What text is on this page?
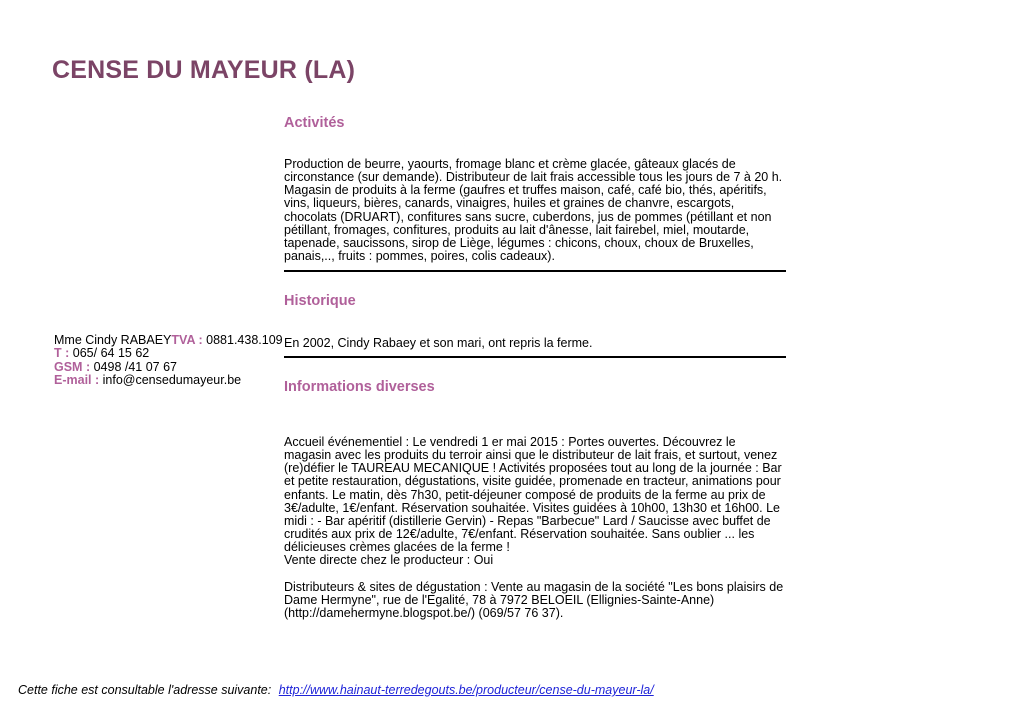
CENSE DU MAYEUR (LA)
Mme Cindy RABAEYTVA : 0881.438.109
T : 065/ 64 15 62
GSM : 0498 /41 07 67
E-mail : info@censedumayeur.be
Activités

Production de beurre, yaourts, fromage blanc et crème glacée, gâteaux glacés de circonstance (sur demande). Distributeur de lait frais accessible tous les jours de 7 à 20 h. Magasin de produits à la ferme (gaufres et truffes maison, café, café bio, thés, apéritifs, vins, liqueurs, bières, canards, vinaigres, huiles et graines de chanvre, escargots, chocolats (DRUART), confitures sans sucre, cuberdons, jus de pommes (pétillant et non pétillant, fromages, confitures, produits au lait d'ânesse, lait fairebel, miel, moutarde, tapenade, saucissons, sirop de Liège, légumes : chicons, choux, choux de Bruxelles, panais,.., fruits : pommes, poires, colis cadeaux).

Historique

En 2002, Cindy Rabaey et son mari, ont repris la ferme.

Informations diverses

Accueil événementiel : Le vendredi 1 er mai 2015 : Portes ouvertes. Découvrez le magasin avec les produits du terroir ainsi que le distributeur de lait frais, et surtout, venez (re)défier le TAUREAU MECANIQUE ! Activités proposées tout au long de la journée : Bar et petite restauration, dégustations, visite guidée, promenade en tracteur, animations pour enfants. Le matin, dès 7h30, petit-déjeuner composé de produits de la ferme au prix de 3€/adulte, 1€/enfant. Réservation souhaitée. Visites guidées à 10h00, 13h30 et 16h00. Le midi : - Bar apéritif (distillerie Gervin) - Repas "Barbecue" Lard / Saucisse avec buffet de crudités aux prix de 12€/adulte, 7€/enfant. Réservation souhaitée. Sans oublier ... les délicieuses crèmes glacées de la ferme !
Vente directe chez le producteur : Oui

Distributeurs & sites de dégustation : Vente au magasin de la société "Les bons plaisirs de Dame Hermyne", rue de l'Egalité, 78 à 7972 BELOEIL (Ellignies-Sainte-Anne) (http://damehermyne.blogspot.be/) (069/57 76 37).

Cette fiche est consultable l'adresse suivante: http://www.hainaut-terredegouts.be/producteur/cense-du-mayeur-la/
